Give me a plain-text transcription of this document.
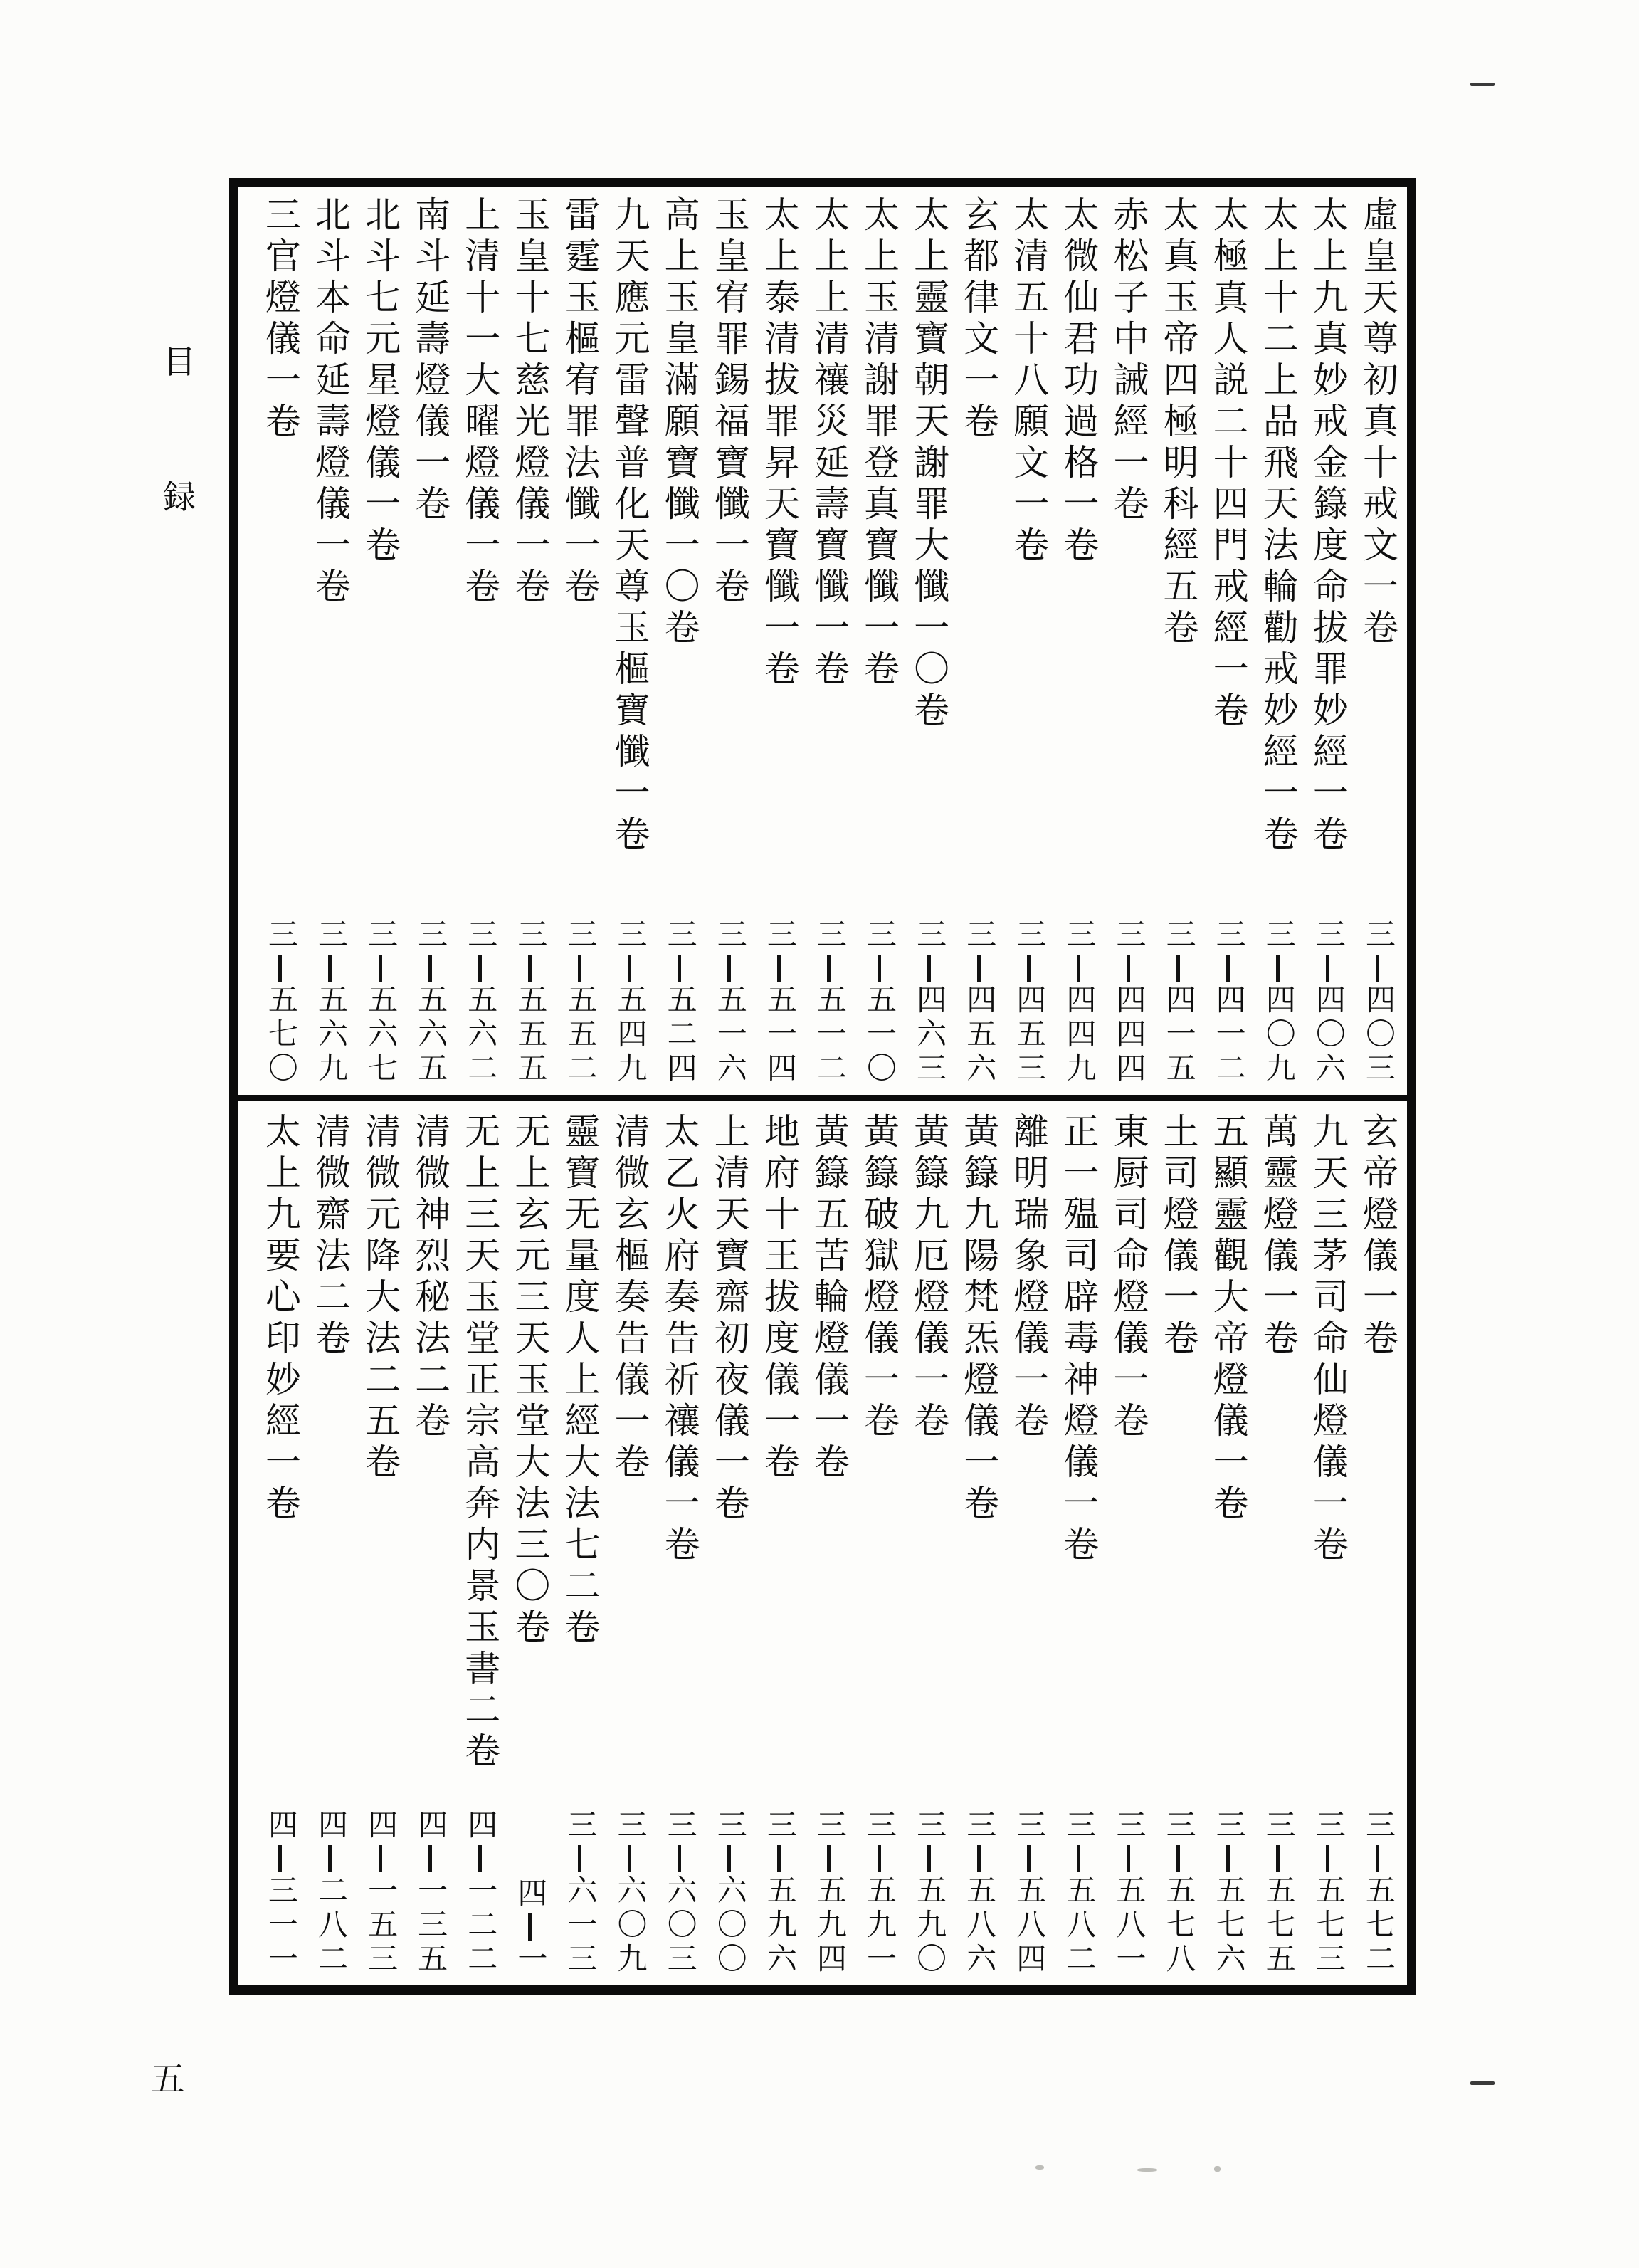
目
録
五
虛皇天尊初真十戒文一卷
三四〇三
太上九真妙戒金籙度命拔罪妙經一卷
三四〇六
太上十二上品飛天法輪勸戒妙經一卷
三四〇九
太極真人説二十四門戒經一卷
三四一二
太真玉帝四極明科經五卷
三四一五
赤松子中誡經一卷
三四四四
太微仙君功過格一卷
三四四九
太清五十八願文一卷
三四五三
玄都律文一卷
三四五六
太上靈寶朝天謝罪大懺一〇卷
三四六三
太上玉清謝罪登真寶懺一卷
三五一〇
太上上清禳災延壽寶懺一卷
三五一二
太上泰清拔罪昇天寶懺一卷
三五一四
玉皇宥罪錫福寶懺一卷
三五一六
高上玉皇滿願寶懺一〇卷
三五二四
九天應元雷聲普化天尊玉樞寶懺一卷
三五四九
雷霆玉樞宥罪法懺一卷
三五五二
玉皇十七慈光燈儀一卷
三五五五
上清十一大曜燈儀一卷
三五六二
南斗延壽燈儀一卷
三五六五
北斗七元星燈儀一卷
三五六七
北斗本命延壽燈儀一卷
三五六九
三官燈儀一卷
三五七〇
玄帝燈儀一卷
三五七二
九天三茅司命仙燈儀一卷
三五七三
萬靈燈儀一卷
三五七五
五顯靈觀大帝燈儀一卷
三五七六
土司燈儀一卷
三五七八
東厨司命燈儀一卷
三五八一
正一殟司辟毒神燈儀一卷
三五八二
離明瑞象燈儀一卷
三五八四
黃籙九陽梵炁燈儀一卷
三五八六
黃籙九厄燈儀一卷
三五九〇
黃籙破獄燈儀一卷
三五九一
黃籙五苦輪燈儀一卷
三五九四
地府十王拔度儀一卷
三五九六
上清天寶齋初夜儀一卷
三六〇〇
太乙火府奏告祈禳儀一卷
三六〇三
清微玄樞奏告儀一卷
三六〇九
靈寶无量度人上經大法七二卷
三六一三
无上玄元三天玉堂大法三〇卷
四一
无上三天玉堂正宗高奔内景玉書二卷
四一二二
清微神烈秘法二卷
四一三五
清微元降大法二五卷
四一五三
清微齋法二卷
四二八二
太上九要心印妙經一卷
四三一一
